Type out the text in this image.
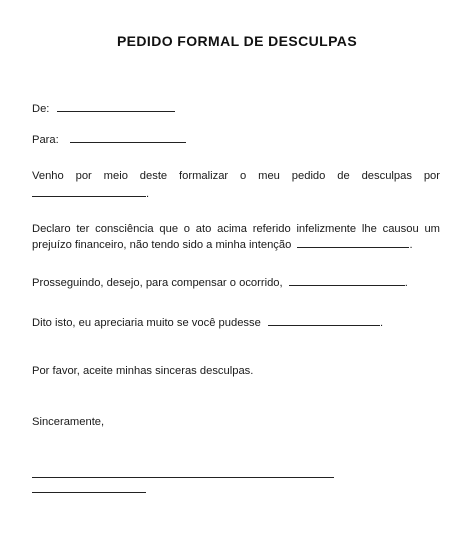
PEDIDO FORMAL DE DESCULPAS
De:
Para:
Venho por meio deste formalizar o meu pedido de desculpas por
.
Declaro ter consciência que o ato acima referido infelizmente lhe causou um
prejuízo financeiro, não tendo sido a minha intenção	.
Prosseguindo, desejo, para compensar o ocorrido,	.
Dito isto, eu apreciaria muito se você pudesse	.
Por favor, aceite minhas sinceras desculpas.
Sinceramente,
